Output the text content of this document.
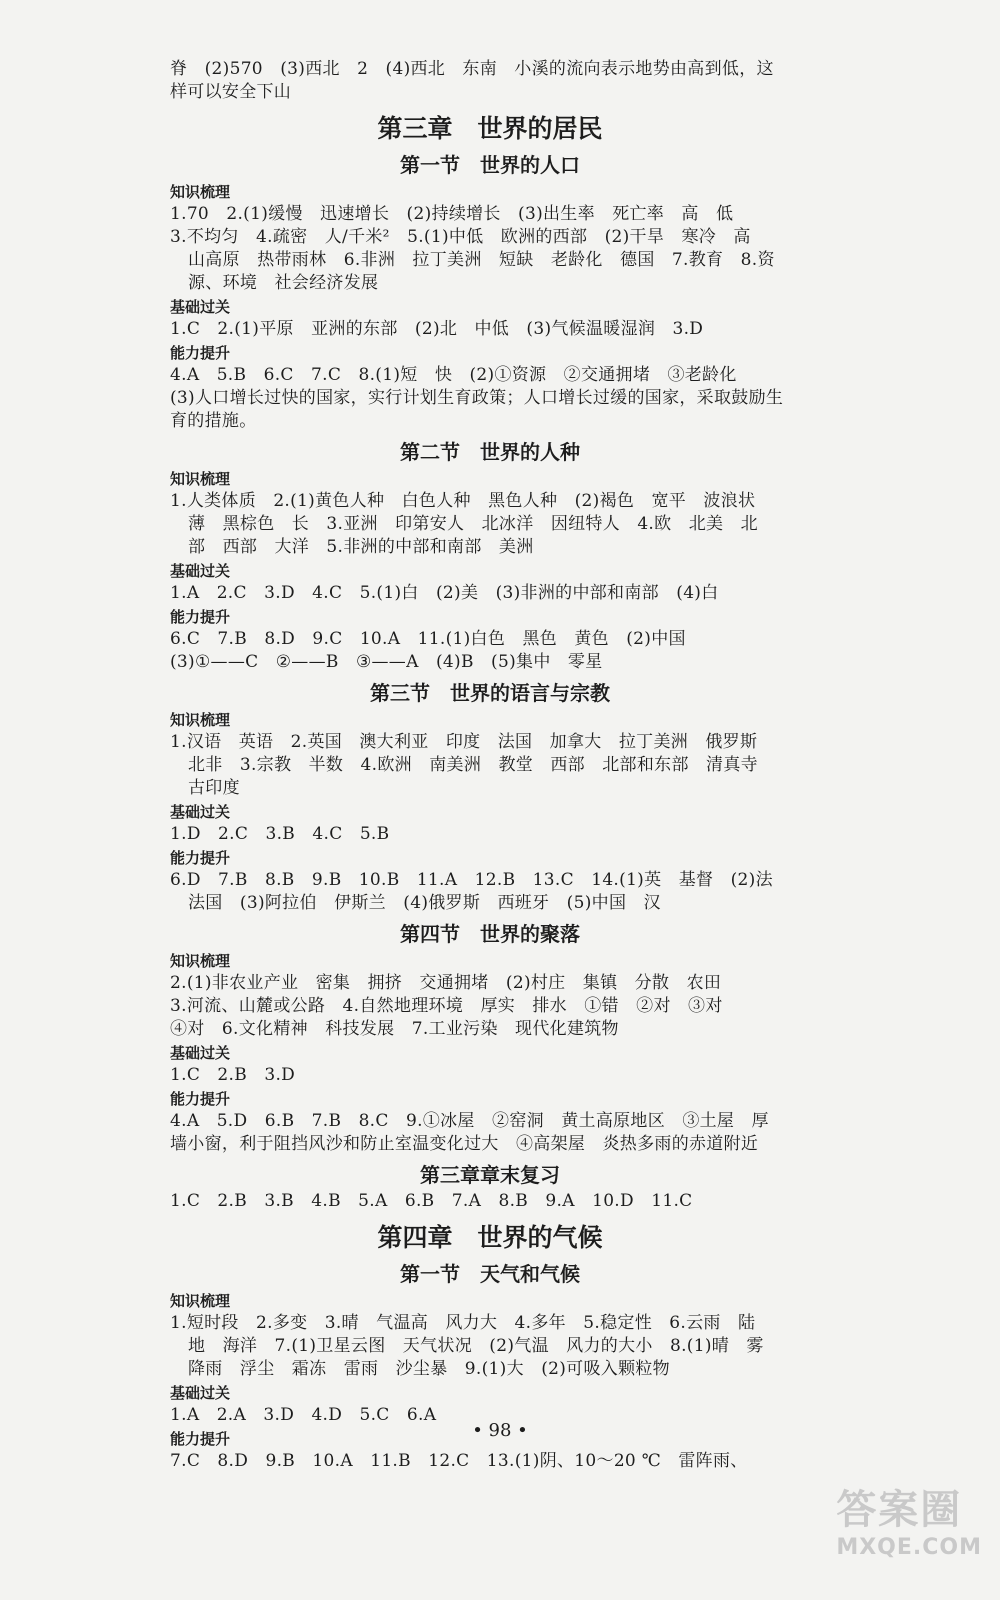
脊　(2)570　(3)西北　2　(4)西北　东南　小溪的流向表示地势由高到低，这
样可以安全下山
第三章　世界的居民
第一节　世界的人口
知识梳理
1.70　2.(1)缓慢　迅速增长　(2)持续增长　(3)出生率　死亡率　高　低
3.不均匀　4.疏密　人/千米²　5.(1)中低　欧洲的西部　(2)干旱　寒冷　高
山高原　热带雨林　6.非洲　拉丁美洲　短缺　老龄化　德国　7.教育　8.资
源、环境　社会经济发展
基础过关
1.C　2.(1)平原　亚洲的东部　(2)北　中低　(3)气候温暖湿润　3.D
能力提升
4.A　5.B　6.C　7.C　8.(1)短　快　(2)①资源　②交通拥堵　③老龄化
(3)人口增长过快的国家，实行计划生育政策；人口增长过缓的国家，采取鼓励生
育的措施。
第二节　世界的人种
知识梳理
1.人类体质　2.(1)黄色人种　白色人种　黑色人种　(2)褐色　宽平　波浪状
薄　黑棕色　长　3.亚洲　印第安人　北冰洋　因纽特人　4.欧　北美　北
部　西部　大洋　5.非洲的中部和南部　美洲
基础过关
1.A　2.C　3.D　4.C　5.(1)白　(2)美　(3)非洲的中部和南部　(4)白
能力提升
6.C　7.B　8.D　9.C　10.A　11.(1)白色　黑色　黄色　(2)中国
(3)①——C　②——B　③——A　(4)B　(5)集中　零星
第三节　世界的语言与宗教
知识梳理
1.汉语　英语　2.英国　澳大利亚　印度　法国　加拿大　拉丁美洲　俄罗斯
北非　3.宗教　半数　4.欧洲　南美洲　教堂　西部　北部和东部　清真寺
古印度
基础过关
1.D　2.C　3.B　4.C　5.B
能力提升
6.D　7.B　8.B　9.B　10.B　11.A　12.B　13.C　14.(1)英　基督　(2)法
法国　(3)阿拉伯　伊斯兰　(4)俄罗斯　西班牙　(5)中国　汉
第四节　世界的聚落
知识梳理
2.(1)非农业产业　密集　拥挤　交通拥堵　(2)村庄　集镇　分散　农田
3.河流、山麓或公路　4.自然地理环境　厚实　排水　①错　②对　③对
④对　6.文化精神　科技发展　7.工业污染　现代化建筑物
基础过关
1.C　2.B　3.D
能力提升
4.A　5.D　6.B　7.B　8.C　9.①冰屋　②窑洞　黄土高原地区　③土屋　厚
墙小窗，利于阻挡风沙和防止室温变化过大　④高架屋　炎热多雨的赤道附近
第三章章末复习
1.C　2.B　3.B　4.B　5.A　6.B　7.A　8.B　9.A　10.D　11.C
第四章　世界的气候
第一节　天气和气候
知识梳理
1.短时段　2.多变　3.晴　气温高　风力大　4.多年　5.稳定性　6.云雨　陆
地　海洋　7.(1)卫星云图　天气状况　(2)气温　风力的大小　8.(1)晴　雾
降雨　浮尘　霜冻　雷雨　沙尘暴　9.(1)大　(2)可吸入颗粒物
基础过关
1.A　2.A　3.D　4.D　5.C　6.A
能力提升
7.C　8.D　9.B　10.A　11.B　12.C　13.(1)阴、10～20 ℃　雷阵雨、
• 98 •
答案圈
MXQE.COM
